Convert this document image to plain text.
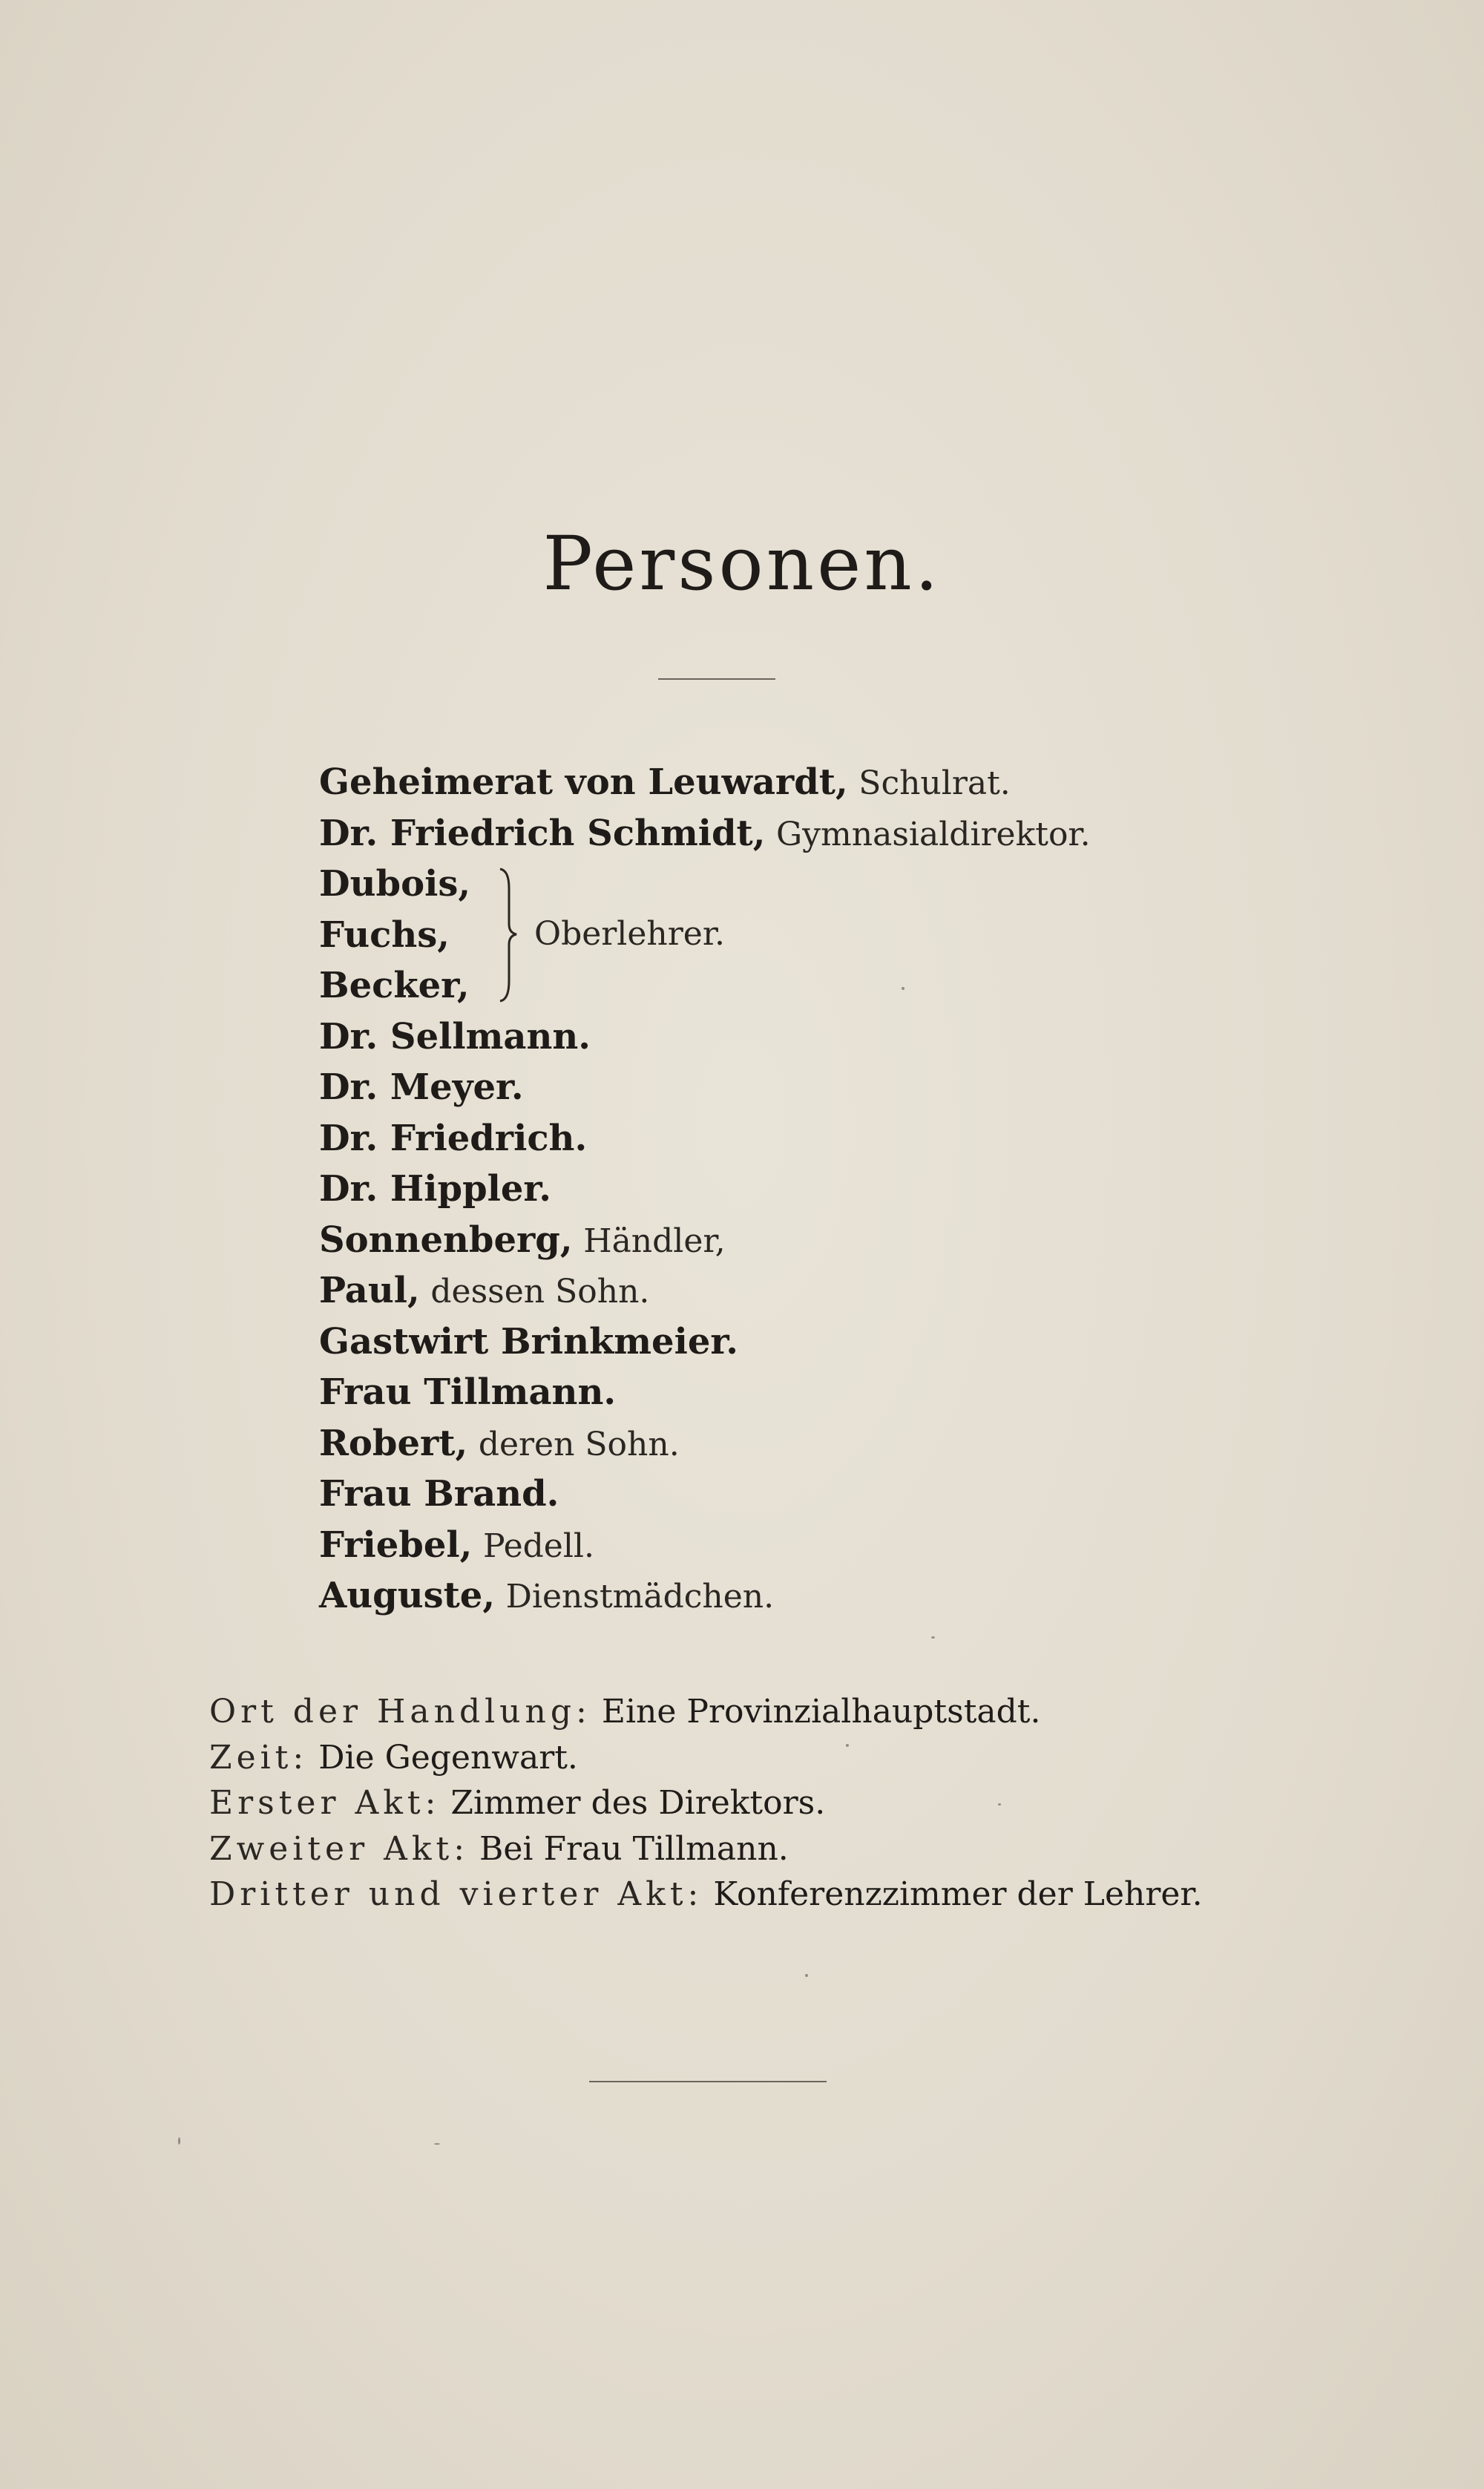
Personen.
Geheimerat von Leuwardt, Schulrat.
Dr. Friedrich Schmidt, Gymnasialdirektor.
Dubois,
Fuchs,
Becker,
Oberlehrer.
Dr. Sellmann.
Dr. Meyer.
Dr. Friedrich.
Dr. Hippler.
Sonnenberg, Händler,
Paul, dessen Sohn.
Gastwirt Brinkmeier.
Frau Tillmann.
Robert, deren Sohn.
Frau Brand.
Friebel, Pedell.
Auguste, Dienstmädchen.
Ort der Handlung: Eine Provinzialhauptstadt.
Zeit: Die Gegenwart.
Erster Akt: Zimmer des Direktors.
Zweiter Akt: Bei Frau Tillmann.
Dritter und vierter Akt: Konferenzzimmer der Lehrer.
